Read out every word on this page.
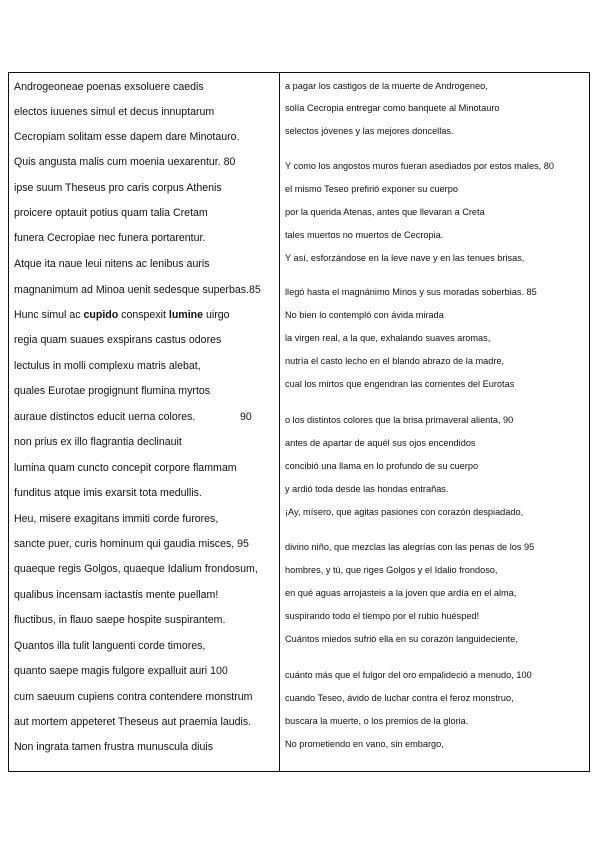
Androgeoneae poenas exsoluere caedis
electos iuuenes simul et decus innuptarum
Cecropiam solitam esse dapem dare Minotauro.
Quis angusta malis cum moenia uexarentur. 80
ipse suum Theseus pro caris corpus Athenis
proicere optauit potius quam talia Cretam
funera Cecropiae nec funera portarentur.
Atque ita naue leui nitens ac lenibus auris
magnanimum ad Minoa uenit sedesque superbas.85
Hunc simul ac cupido conspexit lumine uirgo
regia quam suaues exspirans castus odores
lectulus in molli complexu matris alebat,
quales Eurotae progignunt flumina myrtos
auraue distinctos educit uerna colores.	90
non prius ex illo flagrantia declinauit
lumina quam cuncto concepit corpore flammam
funditus atque imis exarsit tota medullis.
Heu, misere exagitans immiti corde furores,
sancte puer, curis hominum qui gaudia misces, 95
quaeque regis Golgos, quaeque Idalium frondosum,
qualibus incensam iactastis mente puellam!
fluctibus, in flauo saepe hospite suspirantem.
Quantos illa tulit languenti corde timores,
quanto saepe magis fulgore expalluit auri 100
cum saeuum cupiens contra contendere monstrum
aut mortem appeteret Theseus aut praemia laudis.
Non ingrata tamen frustra munuscula diuis
a pagar los castigos de la muerte de Androgeneo,
solía Cecropia entregar como banquete al Minotauro
selectos jóvenes y las mejores doncellas.
Y como los angostos muros fueran asediados por estos males, 80
el mismo Teseo prefirió exponer su cuerpo
por la querida Atenas, antes que llevaran a Creta
tales muertos no muertos de Cecropia.
Y así, esforzándose en la leve nave y en las tenues brisas,
llegó hasta el magnánimo Minos y sus moradas soberbias. 85
No bien lo contempló con ávida mirada
la virgen real, a la que, exhalando suaves aromas,
nutría el casto lecho en el blando abrazo de la madre,
cual los mirtos que engendran las corrientes del Eurotas
o los distintos colores que la brisa primaveral alienta, 90
antes de apartar de aquél sus ojos encendidos
concibió una llama en lo profundo de su cuerpo
y ardió toda desde las hondas entrañas.
¡Ay, mísero, que agitas pasiones con corazón despiadado,
divino niño, que mezclas las alegrías con las penas de los 95
hombres, y tú, que riges Golgos y el Idalio frondoso,
en qué aguas arrojasteis a la joven que ardía en el alma,
suspirando todo el tiempo por el rubio huésped!
Cuántos miedos sufrió ella en su corazón languideciente,
cuánto más que el fulgor del oro empalideció a menudo, 100
cuando Teseo, ávido de luchar contra el feroz monstruo,
buscara la muerte, o los premios de la gloria.
No prometiendo en vano, sin embargo,
